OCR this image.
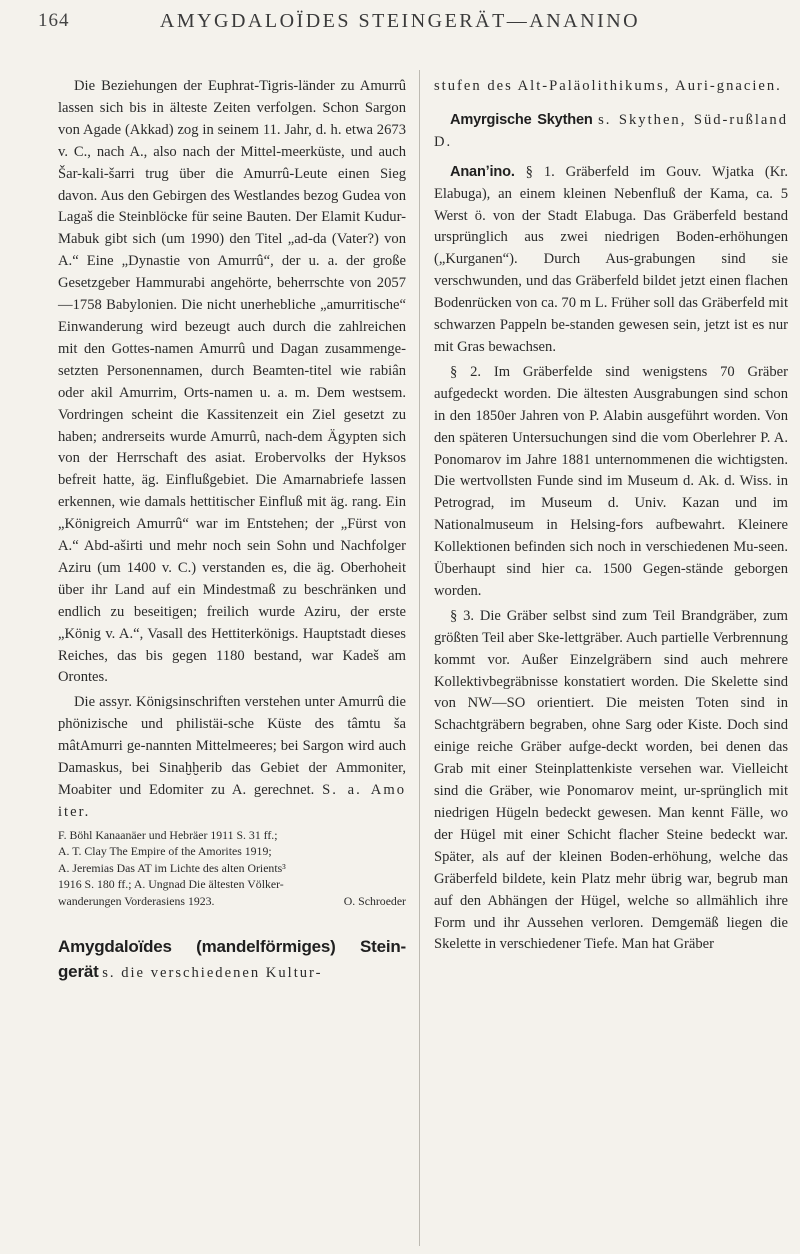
164	AMYGDALOÏDES STEINGERÄT—ANANINO

Die Beziehungen der Euphrat-Tigris-länder zu Amurrû lassen sich bis in älteste Zeiten verfolgen. Schon Sargon von Agade (Akkad) zog in seinem 11. Jahr, d. h. etwa 2673 v. C., nach A., also nach der Mittel-meerküste, und auch Šar-kali-šarri trug über die Amurrû-Leute einen Sieg davon. Aus den Gebirgen des Westlandes bezog Gudea von Lagaš die Steinblöcke für seine Bauten. Der Elamit Kudur-Mabuk gibt sich (um 1990) den Titel „ad-da (Vater?) von A.“ Eine „Dynastie von Amurrû“, der u. a. der große Gesetzgeber Hammurabi angehörte, beherrschte von 2057—1758 Babylonien. Die nicht unerhebliche „amurritische“ Einwanderung wird bezeugt auch durch die zahlreichen mit den Gottes-namen Amurrû und Dagan zusammenge-setzten Personennamen, durch Beamten-titel wie rabiân oder akil Amurrim, Orts-namen u. a. m. Dem westsem. Vordringen scheint die Kassitenzeit ein Ziel gesetzt zu haben; andrerseits wurde Amurrû, nach-dem Ägypten sich von der Herrschaft des asiat. Erobervolks der Hyksos befreit hatte, äg. Einflußgebiet. Die Amarnabriefe lassen erkennen, wie damals hettitischer Einfluß mit äg. rang. Ein „Königreich Amurrû“ war im Entstehen; der „Fürst von A.“ Abd-aširti und mehr noch sein Sohn und Nachfolger Aziru (um 1400 v. C.) verstanden es, die äg. Oberhoheit über ihr Land auf ein Mindestmaß zu beschränken und endlich zu beseitigen; freilich wurde Aziru, der erste „König v. A.“, Vasall des Hettiterkönigs. Hauptstadt dieses Reiches, das bis gegen 1180 bestand, war Kadeš am Orontes.

Die assyr. Königsinschriften verstehen unter Amurrû die phönizische und philistäi-sche Küste des tâmtu ša mâtAmurri ge-nannten Mittelmeeres; bei Sargon wird auch Damaskus, bei Sinaḫḫerib das Gebiet der Ammoniter, Moabiter und Edomiter zu A. gerechnet. S. a. Amo iter.

F. Böhl Kanaanäer und Hebräer 1911 S. 31 ff.;
A. T. Clay The Empire of the Amorites 1919;
A. Jeremias Das AT im Lichte des alten Orients³
1916 S. 180 ff.; A. Ungnad Die ältesten Völker-
wanderungen Vorderasiens 1923.	O. Schroeder

Amygdaloïdes (mandelförmiges) Stein-gerät s. die verschiedenen Kultur-

stufen des Alt-Paläolithikums, Auri-gnacien.

Amyrgische Skythen s. Skythen, Süd-rußland D.

Ananʼino. § 1. Gräberfeld im Gouv. Wjatka (Kr. Elabuga), an einem kleinen Nebenfluß der Kama, ca. 5 Werst ö. von der Stadt Elabuga. Das Gräberfeld bestand ursprünglich aus zwei niedrigen Boden-erhöhungen („Kurganen“). Durch Aus-grabungen sind sie verschwunden, und das Gräberfeld bildet jetzt einen flachen Bodenrücken von ca. 70 m L. Früher soll das Gräberfeld mit schwarzen Pappeln be-standen gewesen sein, jetzt ist es nur mit Gras bewachsen.

§ 2. Im Gräberfelde sind wenigstens 70 Gräber aufgedeckt worden. Die ältesten Ausgrabungen sind schon in den 1850er Jahren von P. Alabin ausgeführt worden. Von den späteren Untersuchungen sind die vom Oberlehrer P. A. Ponomarov im Jahre 1881 unternommenen die wichtigsten. Die wertvollsten Funde sind im Museum d. Ak. d. Wiss. in Petrograd, im Museum d. Univ. Kazan und im Nationalmuseum in Helsing-fors aufbewahrt. Kleinere Kollektionen befinden sich noch in verschiedenen Mu-seen. Überhaupt sind hier ca. 1500 Gegen-stände geborgen worden.

§ 3. Die Gräber selbst sind zum Teil Brandgräber, zum größten Teil aber Ske-lettgräber. Auch partielle Verbrennung kommt vor. Außer Einzelgräbern sind auch mehrere Kollektivbegräbnisse konstatiert worden. Die Skelette sind von NW—SO orientiert. Die meisten Toten sind in Schachtgräbern begraben, ohne Sarg oder Kiste. Doch sind einige reiche Gräber aufge-deckt worden, bei denen das Grab mit einer Steinplattenkiste versehen war. Vielleicht sind die Gräber, wie Ponomarov meint, ur-sprünglich mit niedrigen Hügeln bedeckt gewesen. Man kennt Fälle, wo der Hügel mit einer Schicht flacher Steine bedeckt war. Später, als auf der kleinen Boden-erhöhung, welche das Gräberfeld bildete, kein Platz mehr übrig war, begrub man auf den Abhängen der Hügel, welche so allmählich ihre Form und ihr Aussehen verloren. Demgemäß liegen die Skelette in verschiedener Tiefe. Man hat Gräber
